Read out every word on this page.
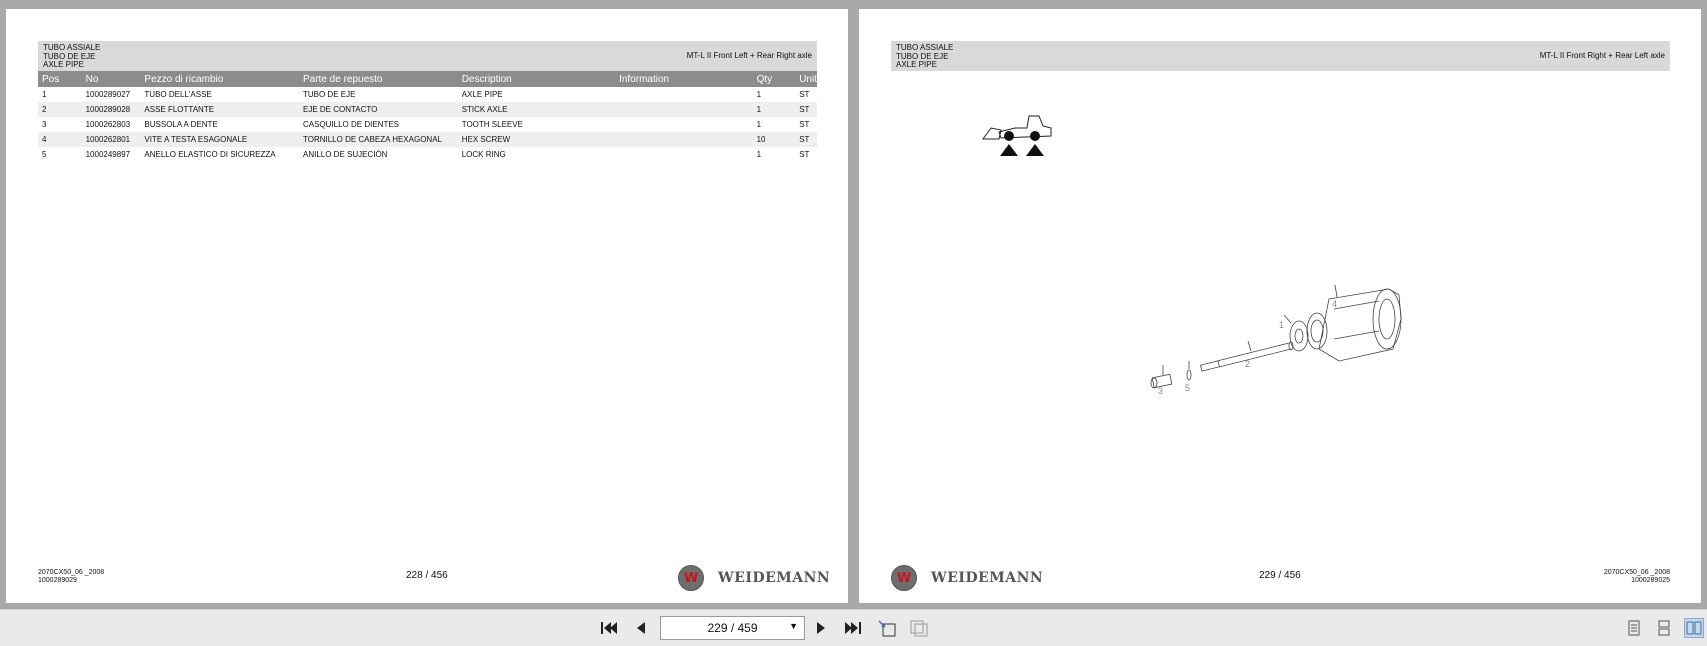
TUBO ASSIALE
TUBO DE EJE
AXLE PIPE
MT-L II Front Left + Rear Right axle
Pos	No	Pezzo di ricambio	Parte de repuesto	Description	Information	Qty	Unit
1	1000289027	TUBO DELL'ASSE	TUBO DE EJE	AXLE PIPE		1	ST
2	1000289028	ASSE FLOTTANTE	EJE DE CONTACTO	STICK AXLE		1	ST
3	1000262803	BUSSOLA A DENTE	CASQUILLO DE DIENTES	TOOTH SLEEVE		1	ST
4	1000262801	VITE A TESTA ESAGONALE	TORNILLO DE CABEZA HEXAGONAL	HEX SCREW		10	ST
5	1000249897	ANELLO ELASTICO DI SICUREZZA	ANILLO DE SUJECIÓN	LOCK RING		1	ST
2070CX50_06 _2008
1000289029	228 / 456	W WEIDEMANN
TUBO ASSIALE
TUBO DE EJE
AXLE PIPE
MT-L II Front Right + Rear Left axle
1
2
3
4
5
W WEIDEMANN	229 / 456	2070CX50_06 _2008
1000289025
229 / 459	▼
